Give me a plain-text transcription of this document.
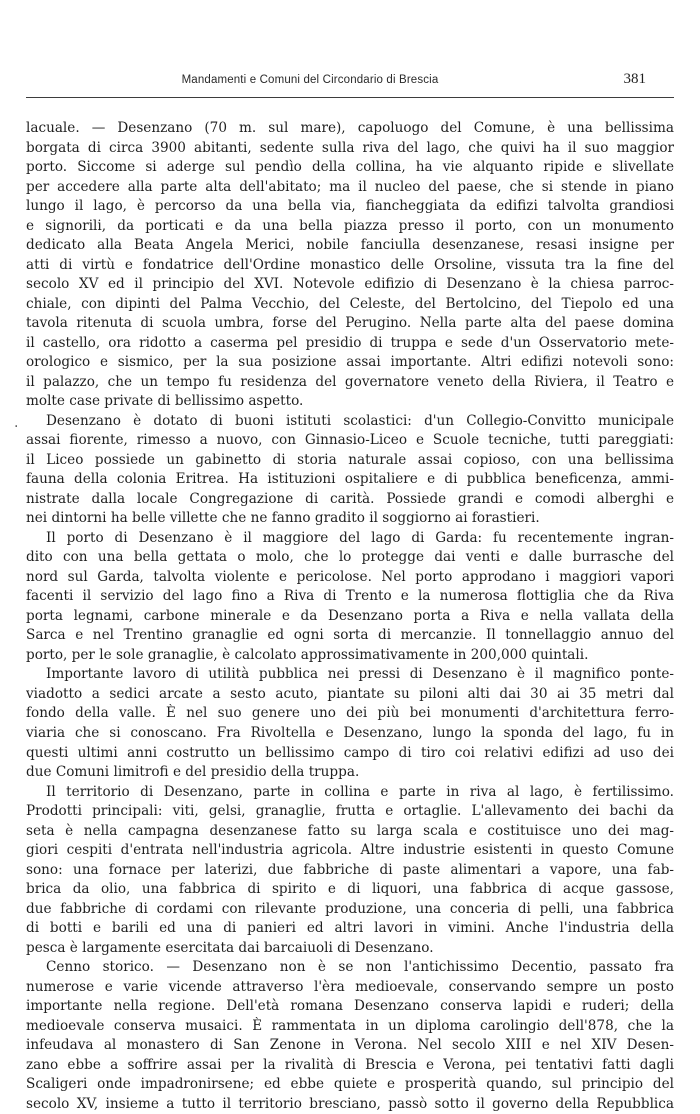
Mandamenti e Comuni del Circondario di Brescia	381
·
lacuale. — Desenzano (70 m. sul mare), capoluogo del Comune, è una bellissima
borgata di circa 3900 abitanti, sedente sulla riva del lago, che quivi ha il suo maggior
porto. Siccome si aderge sul pendìo della collina, ha vie alquanto ripide e slivellate
per accedere alla parte alta dell'abitato; ma il nucleo del paese, che si stende in piano
lungo il lago, è percorso da una bella via, fiancheggiata da edifizi talvolta grandiosi
e signorili, da porticati e da una bella piazza presso il porto, con un monumento
dedicato alla Beata Angela Merici, nobile fanciulla desenzanese, resasi insigne per
atti di virtù e fondatrice dell'Ordine monastico delle Orsoline, vissuta tra la fine del
secolo XV ed il principio del XVI. Notevole edifizio di Desenzano è la chiesa parroc-
chiale, con dipinti del Palma Vecchio, del Celeste, del Bertolcino, del Tiepolo ed una
tavola ritenuta di scuola umbra, forse del Perugino. Nella parte alta del paese domina
il castello, ora ridotto a caserma pel presidio di truppa e sede d'un Osservatorio mete-
orologico e sismico, per la sua posizione assai importante. Altri edifizi notevoli sono:
il palazzo, che un tempo fu residenza del governatore veneto della Riviera, il Teatro e
molte case private di bellissimo aspetto.
Desenzano è dotato di buoni istituti scolastici: d'un Collegio-Convitto municipale
assai fiorente, rimesso a nuovo, con Ginnasio-Liceo e Scuole tecniche, tutti pareggiati:
il Liceo possiede un gabinetto di storia naturale assai copioso, con una bellissima
fauna della colonia Eritrea. Ha istituzioni ospitaliere e di pubblica beneficenza, ammi-
nistrate dalla locale Congregazione di carità. Possiede grandi e comodi alberghi e
nei dintorni ha belle villette che ne fanno gradito il soggiorno ai forastieri.
Il porto di Desenzano è il maggiore del lago di Garda: fu recentemente ingran-
dito con una bella gettata o molo, che lo protegge dai venti e dalle burrasche del
nord sul Garda, talvolta violente e pericolose. Nel porto approdano i maggiori vapori
facenti il servizio del lago fino a Riva di Trento e la numerosa flottiglia che da Riva
porta legnami, carbone minerale e da Desenzano porta a Riva e nella vallata della
Sarca e nel Trentino granaglie ed ogni sorta di mercanzie. Il tonnellaggio annuo del
porto, per le sole granaglie, è calcolato approssimativamente in 200,000 quintali.
Importante lavoro di utilità pubblica nei pressi di Desenzano è il magnifico ponte-
viadotto a sedici arcate a sesto acuto, piantate su piloni alti dai 30 ai 35 metri dal
fondo della valle. È nel suo genere uno dei più bei monumenti d'architettura ferro-
viaria che si conoscano. Fra Rivoltella e Desenzano, lungo la sponda del lago, fu in
questi ultimi anni costrutto un bellissimo campo di tiro coi relativi edifizi ad uso dei
due Comuni limitrofi e del presidio della truppa.
Il territorio di Desenzano, parte in collina e parte in riva al lago, è fertilissimo.
Prodotti principali: viti, gelsi, granaglie, frutta e ortaglie. L'allevamento dei bachi da
seta è nella campagna desenzanese fatto su larga scala e costituisce uno dei mag-
giori cespiti d'entrata nell'industria agricola. Altre industrie esistenti in questo Comune
sono: una fornace per laterizi, due fabbriche di paste alimentari a vapore, una fab-
brica da olio, una fabbrica di spirito e di liquori, una fabbrica di acque gassose,
due fabbriche di cordami con rilevante produzione, una conceria di pelli, una fabbrica
di botti e barili ed una di panieri ed altri lavori in vimini. Anche l'industria della
pesca è largamente esercitata dai barcaiuoli di Desenzano.
Cenno storico. — Desenzano non è se non l'antichissimo Decentio, passato fra
numerose e varie vicende attraverso l'èra medioevale, conservando sempre un posto
importante nella regione. Dell'età romana Desenzano conserva lapidi e ruderi; della
medioevale conserva musaici. È rammentata in un diploma carolingio dell'878, che la
infeudava al monastero di San Zenone in Verona. Nel secolo XIII e nel XIV Desen-
zano ebbe a soffrire assai per la rivalità di Brescia e Verona, pei tentativi fatti dagli
Scaligeri onde impadronirsene; ed ebbe quiete e prosperità quando, sul principio del
secolo XV, insieme a tutto il territorio bresciano, passò sotto il governo della Repubblica
